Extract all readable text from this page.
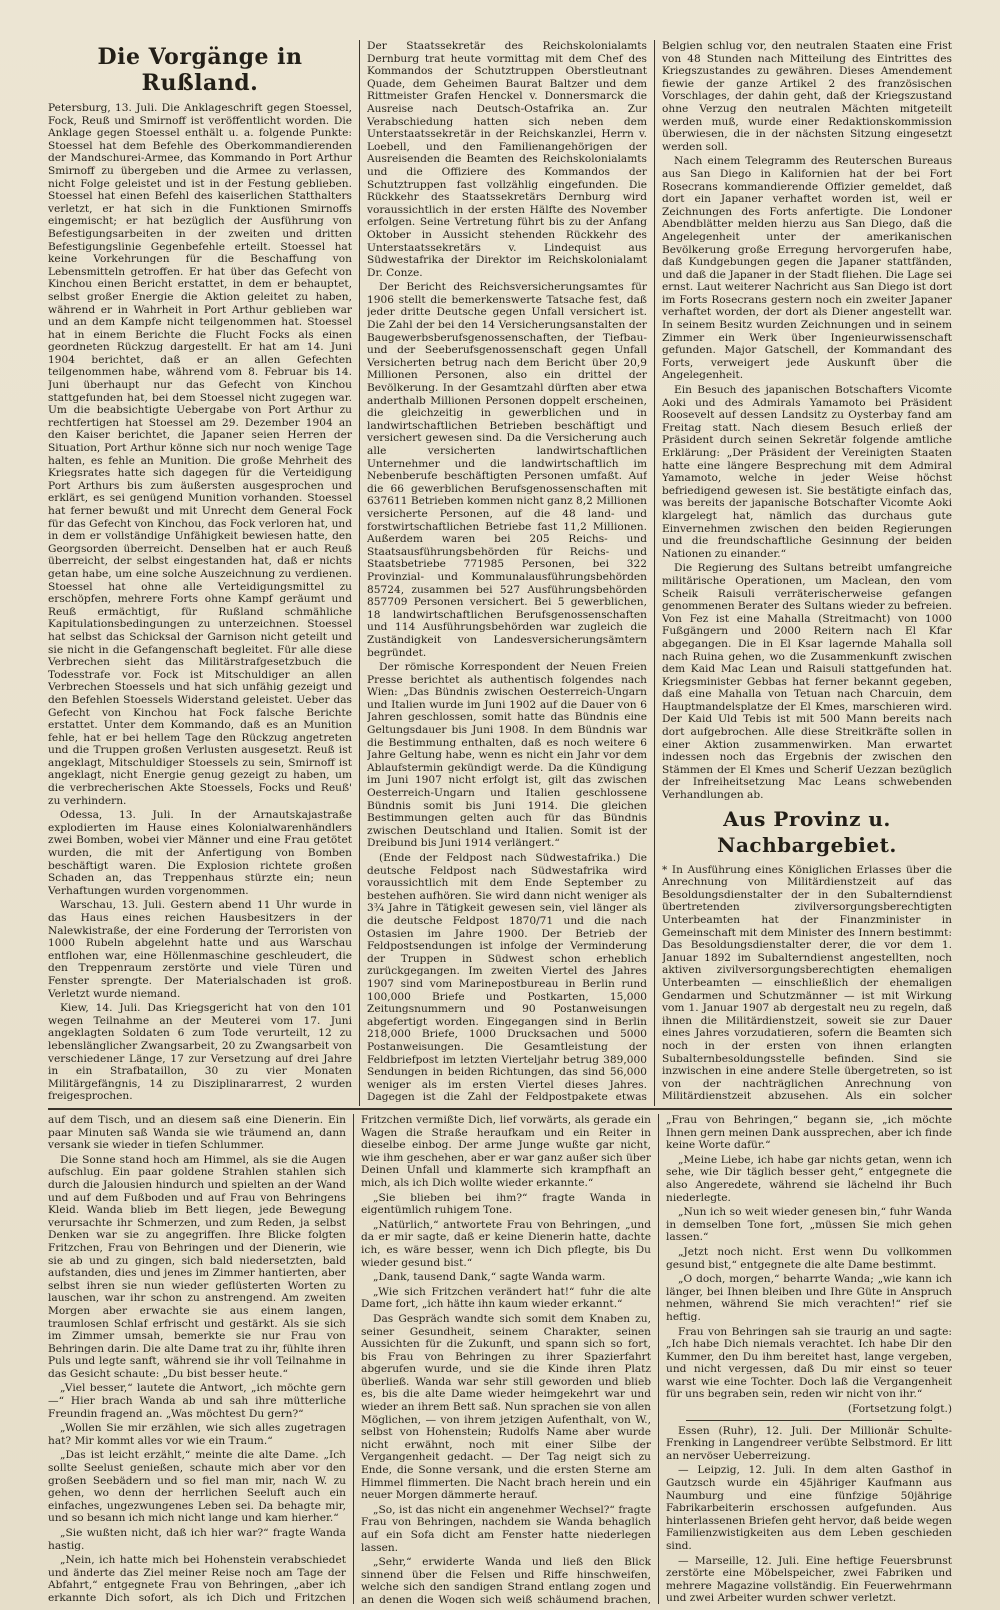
Die Vorgänge in Rußland.

Petersburg, 13. Juli. Die Anklageschrift gegen Stoessel, Fock, Reuß und Smirnoff ist veröffentlicht worden. Die Anklage gegen Stoessel enthält u. a. folgende Punkte: Stoessel hat dem Befehle des Oberkommandierenden der Mandschurei-Armee, das Kommando in Port Arthur Smirnoff zu übergeben und die Armee zu verlassen, nicht Folge geleistet und ist in der Festung geblieben. Stoessel hat einen Befehl des kaiserlichen Statthalters verletzt, er hat sich in die Funktionen Smirnoffs eingemischt; er hat bezüglich der Ausführung von Befestigungsarbeiten in der zweiten und dritten Befestigungslinie Gegenbefehle erteilt. Stoessel hat keine Vorkehrungen für die Beschaffung von Lebensmitteln getroffen. Er hat über das Gefecht von Kinchou einen Bericht erstattet, in dem er behauptet, selbst großer Energie die Aktion geleitet zu haben, während er in Wahrheit in Port Arthur geblieben war und an dem Kampfe nicht teilgenommen hat. Stoessel hat in einem Berichte die Flucht Focks als einen geordneten Rückzug dargestellt. Er hat am 14. Juni 1904 berichtet, daß er an allen Gefechten teilgenommen habe, während vom 8. Februar bis 14. Juni überhaupt nur das Gefecht von Kinchou stattgefunden hat, bei dem Stoessel nicht zugegen war. Um die beabsichtigte Uebergabe von Port Arthur zu rechtfertigen hat Stoessel am 29. Dezember 1904 an den Kaiser berichtet, die Japaner seien Herren der Situation, Port Arthur könne sich nur noch wenige Tage halten, es fehle an Munition. Die große Mehrheit des Kriegsrates hatte sich dagegen für die Verteidigung Port Arthurs bis zum äußersten ausgesprochen und erklärt, es sei genügend Munition vorhanden. Stoessel hat ferner bewußt und mit Unrecht dem General Fock für das Gefecht von Kinchou, das Fock verloren hat, und in dem er vollständige Unfähigkeit bewiesen hatte, den Georgsorden überreicht. Denselben hat er auch Reuß überreicht, der selbst eingestanden hat, daß er nichts getan habe, um eine solche Auszeichnung zu verdienen. Stoessel hat ohne alle Verteidigungsmittel zu erschöpfen, mehrere Forts ohne Kampf geräumt und Reuß ermächtigt, für Rußland schmähliche Kapitulationsbedingungen zu unterzeichnen. Stoessel hat selbst das Schicksal der Garnison nicht geteilt und sie nicht in die Gefangenschaft begleitet. Für alle diese Verbrechen sieht das Militärstrafgesetzbuch die Todesstrafe vor. Fock ist Mitschuldiger an allen Verbrechen Stoessels und hat sich unfähig gezeigt und den Befehlen Stoessels Widerstand geleistet. Ueber das Gefecht von Kinchou hat Fock falsche Berichte erstattet. Unter dem Kommando, daß es an Munition fehle, hat er bei hellem Tage den Rückzug angetreten und die Truppen großen Verlusten ausgesetzt. Reuß ist angeklagt, Mitschuldiger Stoessels zu sein, Smirnoff ist angeklagt, nicht Energie genug gezeigt zu haben, um die verbrecherischen Akte Stoessels, Focks und Reuß' zu verhindern.

Odessa, 13. Juli. In der Arnautskajastraße explodierten im Hause eines Kolonialwarenhändlers zwei Bomben, wobei vier Männer und eine Frau getötet wurden, die mit der Anfertigung von Bomben beschäftigt waren. Die Explosion richtete großen Schaden an, das Treppenhaus stürzte ein; neun Verhaftungen wurden vorgenommen.

Warschau, 13. Juli. Gestern abend 11 Uhr wurde in das Haus eines reichen Hausbesitzers in der Nalewkistraße, der eine Forderung der Terroristen von 1000 Rubeln abgelehnt hatte und aus Warschau entflohen war, eine Höllenmaschine geschleudert, die den Treppenraum zerstörte und viele Türen und Fenster sprengte. Der Materialschaden ist groß. Verletzt wurde niemand.

Kiew, 14. Juli. Das Kriegsgericht hat von den 101 wegen Teilnahme an der Meuterei vom 17. Juni angeklagten Soldaten 6 zum Tode verurteilt, 12 zu lebenslänglicher Zwangsarbeit, 20 zu Zwangsarbeit von verschiedener Länge, 17 zur Versetzung auf drei Jahre in ein Strafbataillon, 30 zu vier Monaten Militärgefängnis, 14 zu Disziplinararrest, 2 wurden freigesprochen.

Der Staatssekretär des Reichskolonialamts Dernburg trat heute vormittag mit dem Chef des Kommandos der Schutztruppen Oberstleutnant Quade, dem Geheimen Baurat Baltzer und dem Rittmeister Grafen Henckel v. Donnersmarck die Ausreise nach Deutsch-Ostafrika an. Zur Verabschiedung hatten sich neben dem Unterstaatssekretär in der Reichskanzlei, Herrn v. Loebell, und den Familienangehörigen der Ausreisenden die Beamten des Reichskolonialamts und die Offiziere des Kommandos der Schutztruppen fast vollzählig eingefunden. Die Rückkehr des Staatssekretärs Dernburg wird voraussichtlich in der ersten Hälfte des November erfolgen. Seine Vertretung führt bis zu der Anfang Oktober in Aussicht stehenden Rückkehr des Unterstaatssekretärs v. Lindequist aus Südwestafrika der Direktor im Reichskolonialamt Dr. Conze.

Der Bericht des Reichsversicherungsamtes für 1906 stellt die bemerkenswerte Tatsache fest, daß jeder dritte Deutsche gegen Unfall versichert ist. Die Zahl der bei den 14 Versicherungsanstalten der Baugewerbsberufsgenossenschaften, der Tiefbau- und der Seeberufsgenossenschaft gegen Unfall Versicherten betrug nach dem Bericht über 20,9 Millionen Personen, also ein drittel der Bevölkerung. In der Gesamtzahl dürften aber etwa anderthalb Millionen Personen doppelt erscheinen, die gleichzeitig in gewerblichen und in landwirtschaftlichen Betrieben beschäftigt und versichert gewesen sind. Da die Versicherung auch alle versicherten landwirtschaftlichen Unternehmer und die landwirtschaftlich im Nebenberufe beschäftigten Personen umfaßt. Auf die 66 gewerblichen Berufsgenossenschaften mit 637611 Betrieben kommen nicht ganz 8,2 Millionen versicherte Personen, auf die 48 land- und forstwirtschaftlichen Betriebe fast 11,2 Millionen. Außerdem waren bei 205 Reichs- und Staatsausführungsbehörden für Reichs- und Staatsbetriebe 771985 Personen, bei 322 Provinzial- und Kommunalausführungsbehörden 85724, zusammen bei 527 Ausführungsbehörden 857709 Personen versichert. Bei 5 gewerblichen, 18 landwirtschaftlichen Berufsgenossenschaften und 114 Ausführungsbehörden war zugleich die Zuständigkeit von Landesversicherungsämtern begründet.

Der römische Korrespondent der Neuen Freien Presse berichtet als authentisch folgendes nach Wien: „Das Bündnis zwischen Oesterreich-Ungarn und Italien wurde im Juni 1902 auf die Dauer von 6 Jahren geschlossen, somit hatte das Bündnis eine Geltungsdauer bis Juni 1908. In dem Bündnis war die Bestimmung enthalten, daß es noch weitere 6 Jahre Geltung habe, wenn es nicht ein Jahr vor dem Ablaufstermin gekündigt werde. Da die Kündigung im Juni 1907 nicht erfolgt ist, gilt das zwischen Oesterreich-Ungarn und Italien geschlossene Bündnis somit bis Juni 1914. Die gleichen Bestimmungen gelten auch für das Bündnis zwischen Deutschland und Italien. Somit ist der Dreibund bis Juni 1914 verlängert.“

(Ende der Feldpost nach Südwestafrika.) Die deutsche Feldpost nach Südwestafrika wird voraussichtlich mit dem Ende September zu bestehen aufhören. Sie wird dann nicht weniger als 3¾ Jahre in Tätigkeit gewesen sein, viel länger als die deutsche Feldpost 1870/71 und die nach Ostasien im Jahre 1900. Der Betrieb der Feldpostsendungen ist infolge der Verminderung der Truppen in Südwest schon erheblich zurückgegangen. Im zweiten Viertel des Jahres 1907 sind vom Marinepostbureau in Berlin rund 100,000 Briefe und Postkarten, 15,000 Zeitungsnummern und 90 Postanweisungen abgefertigt worden. Eingegangen sind in Berlin 218,000 Briefe, 1000 Drucksachen und 5000 Postanweisungen. Die Gesamtleistung der Feldbriefpost im letzten Vierteljahr betrug 389,000 Sendungen in beiden Richtungen, das sind 56,000 weniger als im ersten Viertel dieses Jahres. Dagegen ist die Zahl der Feldpostpakete etwas

Belgien schlug vor, den neutralen Staaten eine Frist von 48 Stunden nach Mitteilung des Eintrittes des Kriegszustandes zu gewähren. Dieses Amendement fiewie der ganze Artikel 2 des französischen Vorschlages, der dahin geht, daß der Kriegszustand ohne Verzug den neutralen Mächten mitgeteilt werden muß, wurde einer Redaktionskommission überwiesen, die in der nächsten Sitzung eingesetzt werden soll.

Nach einem Telegramm des Reuterschen Bureaus aus San Diego in Kalifornien hat der bei Fort Rosecrans kommandierende Offizier gemeldet, daß dort ein Japaner verhaftet worden ist, weil er Zeichnungen des Forts anfertigte. Die Londoner Abendblätter melden hierzu aus San Diego, daß die Angelegenheit unter der amerikanischen Bevölkerung große Erregung hervorgerufen habe, daß Kundgebungen gegen die Japaner stattfänden, und daß die Japaner in der Stadt fliehen. Die Lage sei ernst. Laut weiterer Nachricht aus San Diego ist dort im Forts Rosecrans gestern noch ein zweiter Japaner verhaftet worden, der dort als Diener angestellt war. In seinem Besitz wurden Zeichnungen und in seinem Zimmer ein Werk über Ingenieurwissenschaft gefunden. Major Gatschell, der Kommandant des Forts, verweigert jede Auskunft über die Angelegenheit.

Ein Besuch des japanischen Botschafters Vicomte Aoki und des Admirals Yamamoto bei Präsident Roosevelt auf dessen Landsitz zu Oysterbay fand am Freitag statt. Nach diesem Besuch erließ der Präsident durch seinen Sekretär folgende amtliche Erklärung: „Der Präsident der Vereinigten Staaten hatte eine längere Besprechung mit dem Admiral Yamamoto, welche in jeder Weise höchst befriedigend gewesen ist. Sie bestätigte einfach das, was bereits der japanische Botschafter Vicomte Aoki klargelegt hat, nämlich das durchaus gute Einvernehmen zwischen den beiden Regierungen und die freundschaftliche Gesinnung der beiden Nationen zu einander.“

Die Regierung des Sultans betreibt umfangreiche militärische Operationen, um Maclean, den vom Scheik Raisuli verräterischerweise gefangen genommenen Berater des Sultans wieder zu befreien. Von Fez ist eine Mahalla (Streitmacht) von 1000 Fußgängern und 2000 Reitern nach El Kfar abgegangen. Die in El Ksar lagernde Mahalla soll nach Ruina gehen, wo die Zusammenkunft zwischen dem Kaid Mac Lean und Raisuli stattgefunden hat. Kriegsminister Gebbas hat ferner bekannt gegeben, daß eine Mahalla von Tetuan nach Charcuin, dem Hauptmandelsplatze der El Kmes, marschieren wird. Der Kaid Uld Tebis ist mit 500 Mann bereits nach dort aufgebrochen. Alle diese Streitkräfte sollen in einer Aktion zusammenwirken. Man erwartet indessen noch das Ergebnis der zwischen den Stämmen der El Kmes und Scherif Uezzan bezüglich der Infreiheitsetzung Mac Leans schwebenden Verhandlungen ab.

Aus Provinz u. Nachbargebiet.

* In Ausführung eines Königlichen Erlasses über die Anrechnung von Militärdienstzeit auf das Besoldungsdienstalter der in den Subalterndienst übertretenden zivilversorgungsberechtigten Unterbeamten hat der Finanzminister in Gemeinschaft mit dem Minister des Innern bestimmt: Das Besoldungsdienstalter derer, die vor dem 1. Januar 1892 im Subalterndienst angestellten, noch aktiven zivilversorgungsberechtigten ehemaligen Unterbeamten — einschließlich der ehemaligen Gendarmen und Schutzmänner — ist mit Wirkung vom 1. Januar 1907 ab dergestalt neu zu regeln, daß ihnen die Militärdienstzeit, soweit sie zur Dauer eines Jahres vorzudatieren, sofern die Beamten sich noch in der ersten von ihnen erlangten Subalternbesoldungsstelle befinden. Sind sie inzwischen in eine andere Stelle übergetreten, so ist von der nachträglichen Anrechnung von Militärdienstzeit abzusehen. Als ein solcher

auf dem Tisch, und an diesem saß eine Dienerin. Ein paar Minuten saß Wanda sie wie träumend an, dann versank sie wieder in tiefen Schlummer.

Die Sonne stand hoch am Himmel, als sie die Augen aufschlug. Ein paar goldene Strahlen stahlen sich durch die Jalousien hindurch und spielten an der Wand und auf dem Fußboden und auf Frau von Behringens Kleid. Wanda blieb im Bett liegen, jede Bewegung verursachte ihr Schmerzen, und zum Reden, ja selbst Denken war sie zu angegriffen. Ihre Blicke folgten Fritzchen, Frau von Behringen und der Dienerin, wie sie ab und zu gingen, sich bald niedersetzten, bald aufstanden, dies und jenes im Zimmer hantierten, aber selbst ihren sie nun wieder geflüsterten Worten zu lauschen, war ihr schon zu anstrengend. Am zweiten Morgen aber erwachte sie aus einem langen, traumlosen Schlaf erfrischt und gestärkt. Als sie sich im Zimmer umsah, bemerkte sie nur Frau von Behringen darin. Die alte Dame trat zu ihr, fühlte ihren Puls und legte sanft, während sie ihr voll Teilnahme in das Gesicht schaute: „Du bist besser heute.“

„Viel besser,“ lautete die Antwort, „ich möchte gern —“ Hier brach Wanda ab und sah ihre mütterliche Freundin fragend an. „Was möchtest Du gern?“

„Wollen Sie mir erzählen, wie sich alles zugetragen hat? Mir kommt alles vor wie ein Traum.“

„Das ist leicht erzählt,“ meinte die alte Dame. „Ich sollte Seelust genießen, schaute mich aber vor den großen Seebädern und so fiel man mir, nach W. zu gehen, wo denn der herrlichen Seeluft auch ein einfaches, ungezwungenes Leben sei. Da behagte mir, und so besann ich mich nicht lange und kam hierher.“

„Sie wußten nicht, daß ich hier war?“ fragte Wanda hastig.

„Nein, ich hatte mich bei Hohenstein verabschiedet und änderte das Ziel meiner Reise noch am Tage der Abfahrt,“ entgegnete Frau von Behringen, „aber ich erkannte Dich sofort, als ich Dich und Fritzchen

Fritzchen vermißte Dich, lief vorwärts, als gerade ein Wagen die Straße heraufkam und ein Reiter in dieselbe einbog. Der arme Junge wußte gar nicht, wie ihm geschehen, aber er war ganz außer sich über Deinen Unfall und klammerte sich krampfhaft an mich, als ich Dich wollte wieder erkannte.“

„Sie blieben bei ihm?“ fragte Wanda in eigentümlich ruhigem Tone.

„Natürlich,“ antwortete Frau von Behringen, „und da er mir sagte, daß er keine Dienerin hatte, dachte ich, es wäre besser, wenn ich Dich pflegte, bis Du wieder gesund bist.“

„Dank, tausend Dank,“ sagte Wanda warm.

„Wie sich Fritzchen verändert hat!“ fuhr die alte Dame fort, „ich hätte ihn kaum wieder erkannt.“

Das Gespräch wandte sich somit dem Knaben zu, seiner Gesundheit, seinem Charakter, seinen Aussichten für die Zukunft, und spann sich so fort, bis Frau von Behringen zu ihrer Spazierfahrt abgerufen wurde, und sie die Kinde ihren Platz überließ. Wanda war sehr still geworden und blieb es, bis die alte Dame wieder heimgekehrt war und wieder an ihrem Bett saß. Nun sprachen sie von allen Möglichen, — von ihrem jetzigen Aufenthalt, von W., selbst von Hohenstein; Rudolfs Name aber wurde nicht erwähnt, noch mit einer Silbe der Vergangenheit gedacht. — Der Tag neigt sich zu Ende, die Sonne versank, und die ersten Sterne am Himmel flimmerten. Die Nacht brach herein und ein neuer Morgen dämmerte herauf.

„So, ist das nicht ein angenehmer Wechsel?“ fragte Frau von Behringen, nachdem sie Wanda behaglich auf ein Sofa dicht am Fenster hatte niederlegen lassen.

„Sehr,“ erwiderte Wanda und ließ den Blick sinnend über die Felsen und Riffe hinschweifen, welche sich den sandigen Strand entlang zogen und an denen die Wogen sich weiß schäumend brachen,

„Frau von Behringen,“ begann sie, „ich möchte Ihnen gern meinen Dank aussprechen, aber ich finde keine Worte dafür.“

„Meine Liebe, ich habe gar nichts getan, wenn ich sehe, wie Dir täglich besser geht,“ entgegnete die also Angeredete, während sie lächelnd ihr Buch niederlegte.

„Nun ich so weit wieder genesen bin,“ fuhr Wanda in demselben Tone fort, „müssen Sie mich gehen lassen.“

„Jetzt noch nicht. Erst wenn Du vollkommen gesund bist,“ entgegnete die alte Dame bestimmt.

„O doch, morgen,“ beharrte Wanda; „wie kann ich länger, bei Ihnen bleiben und Ihre Güte in Anspruch nehmen, während Sie mich verachten!“ rief sie heftig.

Frau von Behringen sah sie traurig an und sagte: „Ich habe Dich niemals verachtet. Ich habe Dir den Kummer, den Du ihm bereitet hast, lange vergeben, und nicht vergessen, daß Du mir einst so teuer warst wie eine Tochter. Doch laß die Vergangenheit für uns begraben sein, reden wir nicht von ihr.“

(Fortsetzung folgt.)

Essen (Ruhr), 12. Juli. Der Millionär Schulte-Frenking in Langendreer verübte Selbstmord. Er litt an nervöser Ueberreizung.

— Leipzig, 12. Juli. In dem alten Gasthof in Gautzsch wurde ein 45jähriger Kaufmann aus Naumburg und eine fünfzige 50jährige Fabrikarbeiterin erschossen aufgefunden. Aus hinterlassenen Briefen geht hervor, daß beide wegen Familienzwistigkeiten aus dem Leben geschieden sind.

— Marseille, 12. Juli. Eine heftige Feuersbrunst zerstörte eine Möbelspeicher, zwei Fabriken und mehrere Magazine vollständig. Ein Feuerwehrmann und zwei Arbeiter wurden schwer verletzt.
